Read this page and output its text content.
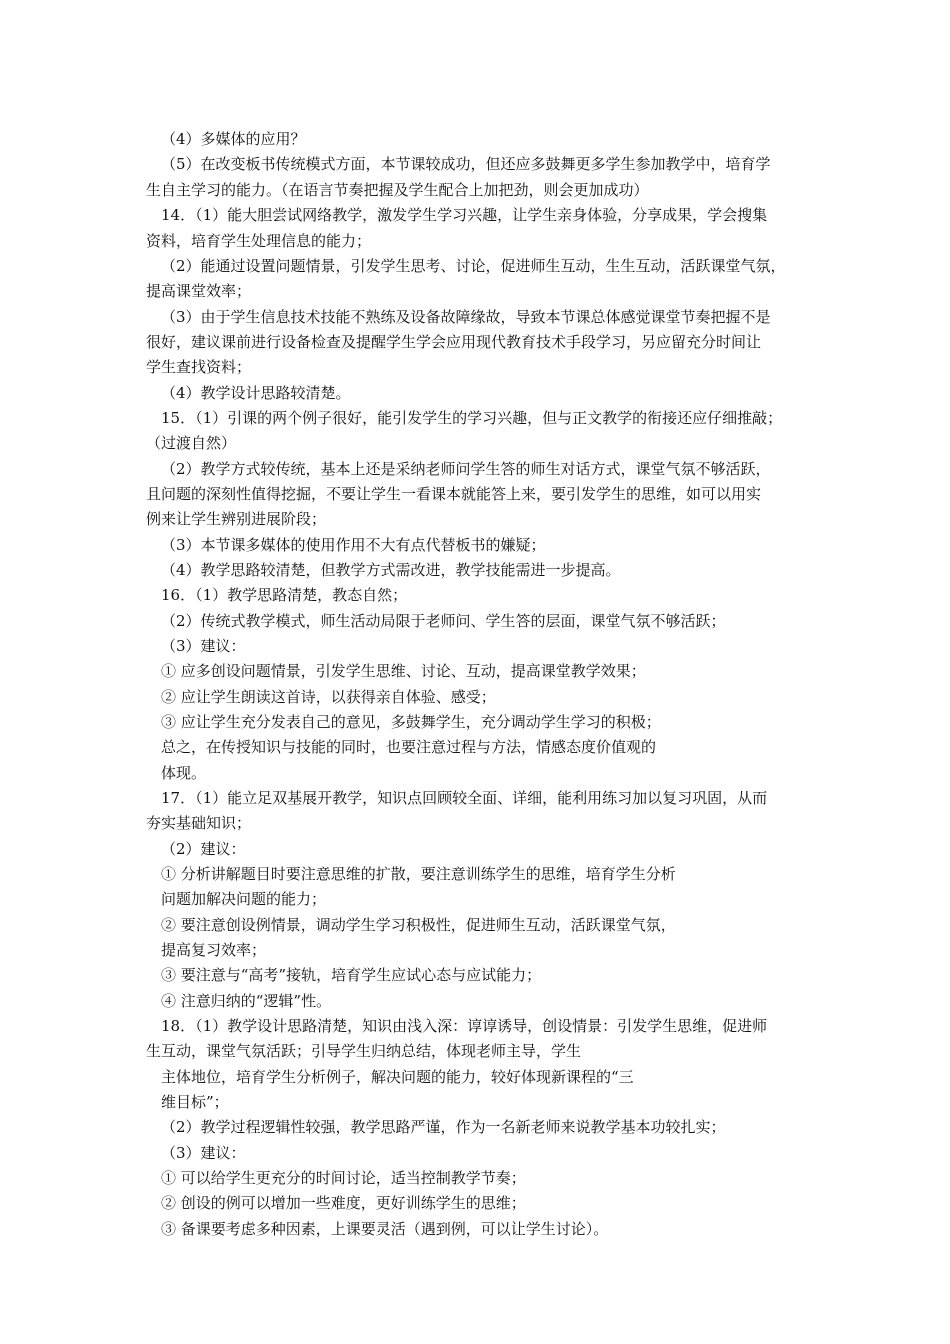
（4）多媒体的应用？
（5）在改变板书传统模式方面，本节课较成功，但还应多鼓舞更多学生参加教学中，培育学
生自主学习的能力。（在语言节奏把握及学生配合上加把劲，则会更加成功）
14．（1）能大胆尝试网络教学，激发学生学习兴趣，让学生亲身体验，分享成果，学会搜集
资料，培育学生处理信息的能力；
（2）能通过设置问题情景，引发学生思考、讨论，促进师生互动，生生互动，活跃课堂气氛，
提高课堂效率；
（3）由于学生信息技术技能不熟练及设备故障缘故，导致本节课总体感觉课堂节奏把握不是
很好，建议课前进行设备检查及提醒学生学会应用现代教育技术手段学习，另应留充分时间让
学生查找资料；
（4）教学设计思路较清楚。
15．（1）引课的两个例子很好，能引发学生的学习兴趣，但与正文教学的衔接还应仔细推敲；
（过渡自然）
（2）教学方式较传统，基本上还是采纳老师问学生答的师生对话方式，课堂气氛不够活跃，
且问题的深刻性值得挖掘，不要让学生一看课本就能答上来，要引发学生的思维，如可以用实
例来让学生辨别进展阶段；
（3）本节课多媒体的使用作用不大有点代替板书的嫌疑；
（4）教学思路较清楚，但教学方式需改进，教学技能需进一步提高。
16．（1）教学思路清楚，教态自然；
（2）传统式教学模式，师生活动局限于老师问、学生答的层面，课堂气氛不够活跃；
（3）建议：
① 应多创设问题情景，引发学生思维、讨论、互动，提高课堂教学效果；
② 应让学生朗读这首诗，以获得亲自体验、感受；
③ 应让学生充分发表自己的意见，多鼓舞学生，充分调动学生学习的积极；
总之，在传授知识与技能的同时，也要注意过程与方法，情感态度价值观的
体现。
17．（1）能立足双基展开教学，知识点回顾较全面、详细，能利用练习加以复习巩固，从而
夯实基础知识；
（2）建议：
① 分析讲解题目时要注意思维的扩散，要注意训练学生的思维，培育学生分析
问题加解决问题的能力；
② 要注意创设例情景，调动学生学习积极性，促进师生互动，活跃课堂气氛，
提高复习效率；
③ 要注意与“高考”接轨，培育学生应试心态与应试能力；
④ 注意归纳的“逻辑”性。
18．（1）教学设计思路清楚，知识由浅入深：谆谆诱导，创设情景：引发学生思维，促进师
生互动，课堂气氛活跃；引导学生归纳总结，体现老师主导，学生
主体地位，培育学生分析例子，解决问题的能力，较好体现新课程的“三
维目标”；
（2）教学过程逻辑性较强，教学思路严谨，作为一名新老师来说教学基本功较扎实；
（3）建议：
① 可以给学生更充分的时间讨论，适当控制教学节奏；
② 创设的例可以增加一些难度，更好训练学生的思维；
③ 备课要考虑多种因素，上课要灵活（遇到例，可以让学生讨论）。
